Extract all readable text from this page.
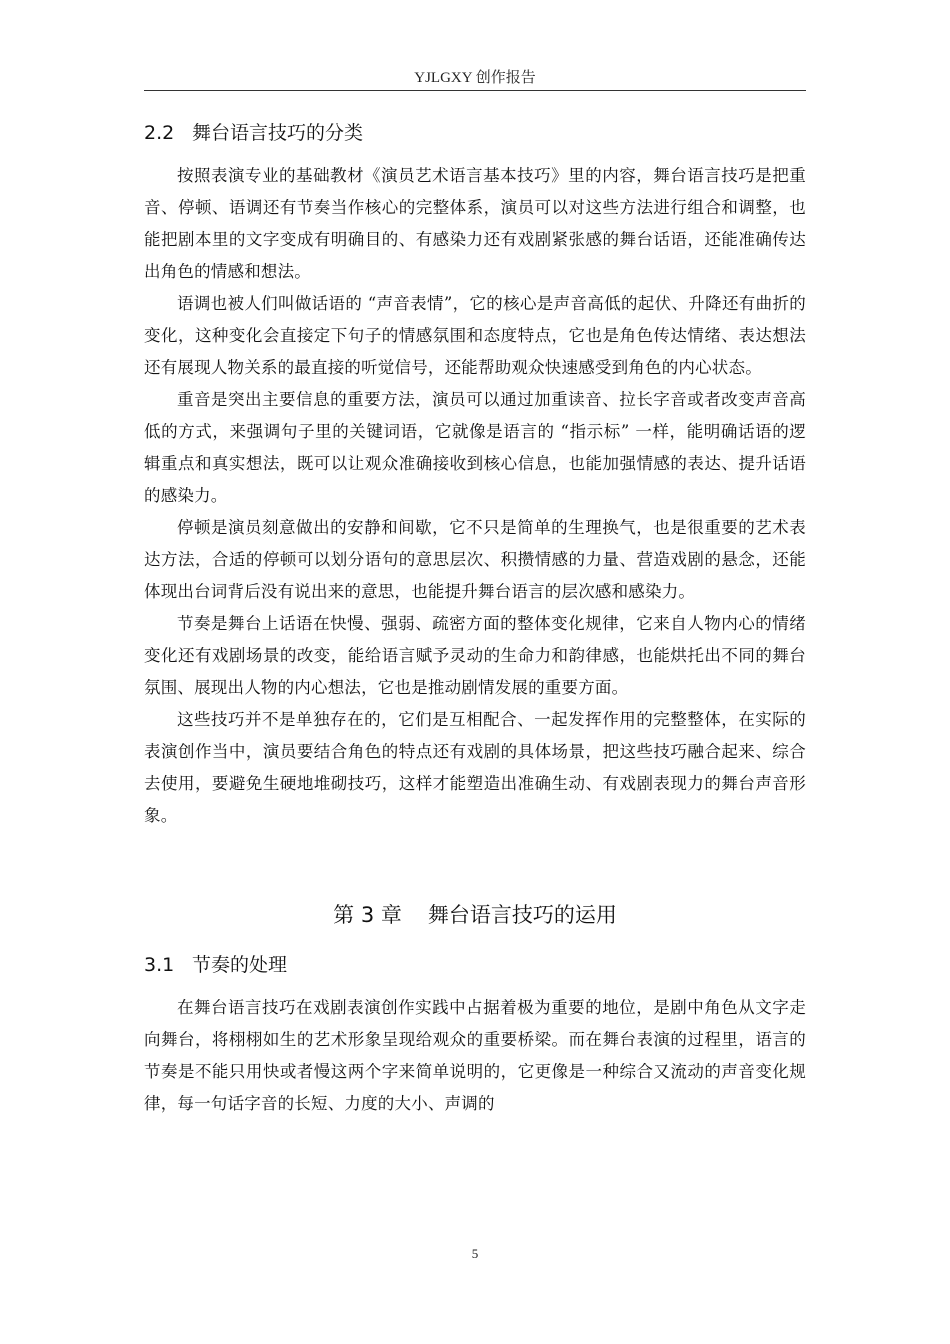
YJLGXY 创作报告
2.2 舞台语言技巧的分类

按照表演专业的基础教材《演员艺术语言基本技巧》里的内容，舞台语言技巧是把重音、停顿、语调还有节奏当作核心的完整体系，演员可以对这些方法进行组合和调整，也能把剧本里的文字变成有明确目的、有感染力还有戏剧紧张感的舞台话语，还能准确传达出角色的情感和想法。

语调也被人们叫做话语的 “声音表情”，它的核心是声音高低的起伏、升降还有曲折的变化，这种变化会直接定下句子的情感氛围和态度特点，它也是角色传达情绪、表达想法还有展现人物关系的最直接的听觉信号，还能帮助观众快速感受到角色的内心状态。

重音是突出主要信息的重要方法，演员可以通过加重读音、拉长字音或者改变声音高低的方式，来强调句子里的关键词语，它就像是语言的 “指示标” 一样，能明确话语的逻辑重点和真实想法，既可以让观众准确接收到核心信息，也能加强情感的表达、提升话语的感染力。

停顿是演员刻意做出的安静和间歇，它不只是简单的生理换气，也是很重要的艺术表达方法，合适的停顿可以划分语句的意思层次、积攒情感的力量、营造戏剧的悬念，还能体现出台词背后没有说出来的意思，也能提升舞台语言的层次感和感染力。

节奏是舞台上话语在快慢、强弱、疏密方面的整体变化规律，它来自人物内心的情绪变化还有戏剧场景的改变，能给语言赋予灵动的生命力和韵律感，也能烘托出不同的舞台氛围、展现出人物的内心想法，它也是推动剧情发展的重要方面。

这些技巧并不是单独存在的，它们是互相配合、一起发挥作用的完整整体，在实际的表演创作当中，演员要结合角色的特点还有戏剧的具体场景，把这些技巧融合起来、综合去使用，要避免生硬地堆砌技巧，这样才能塑造出准确生动、有戏剧表现力的舞台声音形象。

第 3 章 舞台语言技巧的运用
3.1 节奏的处理

在舞台语言技巧在戏剧表演创作实践中占据着极为重要的地位，是剧中角色从文字走向舞台，将栩栩如生的艺术形象呈现给观众的重要桥梁。而在舞台表演的过程里，语言的节奏是不能只用快或者慢这两个字来简单说明的，它更像是一种综合又流动的声音变化规律，每一句话字音的长短、力度的大小、声调的

5
